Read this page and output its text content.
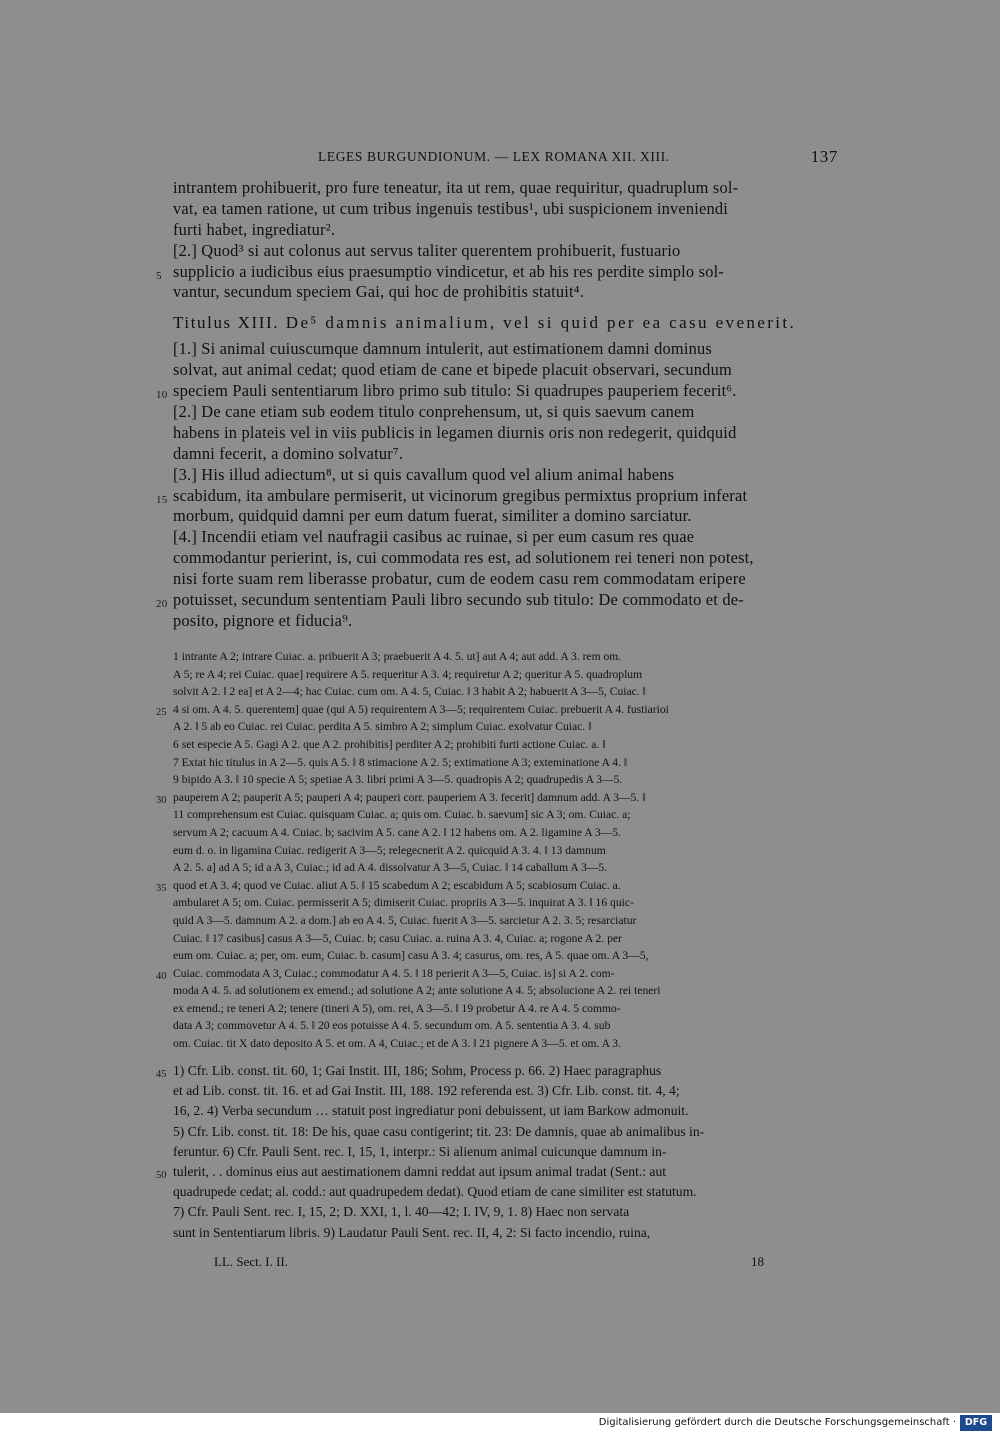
LEGES BURGUNDIONUM. — LEX ROMANA XII. XIII.	137
intrantem prohibuerit, pro fure teneatur, ita ut rem, quae requiritur, quadruplum sol-
vat, ea tamen ratione, ut cum tribus ingenuis testibus¹, ubi suspicionem inveniendi
furti habet, ingrediatur².
[2.] Quod³ si aut colonus aut servus taliter querentem prohibuerit, fustuario
5 supplicio a iudicibus eius praesumptio vindicetur, et ab his res perdite simplo sol-
vantur, secundum speciem Gai, qui hoc de prohibitis statuit⁴.
Titulus XIII. De⁵ damnis animalium, vel si quid per ea casu evenerit.
[1.] Si animal cuiuscumque damnum intulerit, aut estimationem damni dominus
solvat, aut animal cedat; quod etiam de cane et bipede placuit observari, secundum
10 speciem Pauli sententiarum libro primo sub titulo: Si quadrupes pauperiem fecerit⁶.
[2.] De cane etiam sub eodem titulo conprehensum, ut, si quis saevum canem
habens in plateis vel in viis publicis in legamen diurnis oris non redegerit, quidquid
damni fecerit, a domino solvatur⁷.
[3.] His illud adiectum⁸, ut si quis cavallum quod vel alium animal habens
15 scabidum, ita ambulare permiserit, ut vicinorum gregibus permixtus proprium inferat
morbum, quidquid damni per eum datum fuerat, similiter a domino sarciatur.
[4.] Incendii etiam vel naufragii casibus ac ruinae, si per eum casum res quae
commodantur perierint, is, cui commodata res est, ad solutionem rei teneri non potest,
nisi forte suam rem liberasse probatur, cum de eodem casu rem commodatam eripere
20 potuisset, secundum sententiam Pauli libro secundo sub titulo: De commodato et de-
posito, pignore et fiducia⁹.
1 intrante A 2; intrare Cuiac. a. pribuerit A 3; praebuerit A 4. 5. ut] aut A 4; aut add. A 3. rem om.
A 5; re A 4; rei Cuiac. quae] requirere A 5. requeritur A 3. 4; requiretur A 2; queritur A 5. quadroplum
solvit A 2. ‖ 2 ea] et A 2—4; hac Cuiac. cum om. A 4. 5, Cuiac. ‖ 3 habit A 2; habuerit A 3—5, Cuiac. ‖
25 4 si om. A 4. 5. querentem] quae (qui A 5) requirentem A 3—5; requirentem Cuiac. prebuerit A 4. fustiarioi
A 2. ‖ 5 ab eo Cuiac. rei Cuiac. perdita A 5. simbro A 2; simplum Cuiac. exolvatur Cuiac. ‖
6 set especie A 5. Gagi A 2. que A 2. prohibitis] perditer A 2; prohibiti furti actione Cuiac. a. ‖
7 Extat hic titulus in A 2—5. quis A 5. ‖ 8 stimacione A 2. 5; extimatione A 3; exteminatione A 4. ‖
9 bipido A 3. ‖ 10 specie A 5; spetiae A 3. libri primi A 3—5. quadropis A 2; quadrupedis A 3—5.
30 pauperem A 2; pauperit A 5; pauperi A 4; pauperi corr. pauperiem A 3. fecerit] damnum add. A 3—5. ‖
11 comprehensum est Cuiac. quisquam Cuiac. a; quis om. Cuiac. b. saevum] sic A 3; om. Cuiac. a;
servum A 2; cacuum A 4. Cuiac. b; sacivim A 5. cane A 2. ‖ 12 habens om. A 2. ligamine A 3—5.
eum d. o. in ligamina Cuiac. redigerit A 3—5; relegecnerit A 2. quicquid A 3. 4. ‖ 13 damnum
A 2. 5. a] ad A 5; id a A 3, Cuiac.; id ad A 4. dissolvatur A 3—5, Cuiac. ‖ 14 caballum A 3—5.
35 quod et A 3. 4; quod ve Cuiac. aliut A 5. ‖ 15 scabedum A 2; escabidum A 5; scabiosum Cuiac. a.
ambularet A 5; om. Cuiac. permisserit A 5; dimiserit Cuiac. propriis A 3—5. inquirat A 3. ‖ 16 quic-
quid A 3—5. damnum A 2. a dom.] ab eo A 4. 5, Cuiac. fuerit A 3—5. sarcietur A 2. 3. 5; resarciatur
Cuiac. ‖ 17 casibus] casus A 3—5, Cuiac. b; casu Cuiac. a. ruina A 3. 4, Cuiac. a; rogone A 2. per
eum om. Cuiac. a; per, om. eum, Cuiac. b. casum] casu A 3. 4; casurus, om. res, A 5. quae om. A 3—5,
40 Cuiac. commodata A 3, Cuiac.; commodatur A 4. 5. ‖ 18 perierit A 3—5, Cuiac. is] si A 2. com-
moda A 4. 5. ad solutionem ex emend.; ad solutione A 2; ante solutione A 4. 5; absolucione A 2. rei teneri
ex emend.; re teneri A 2; tenere (tineri A 5), om. rei, A 3—5. ‖ 19 probetur A 4. re A 4. 5 commo-
data A 3; commovetur A 4. 5. ‖ 20 eos potuisse A 4. 5. secundum om. A 5. sententia A 3. 4. sub
om. Cuiac. tit X dato deposito A 5. et om. A 4, Cuiac.; et de A 3. ‖ 21 pignere A 3—5. et om. A 3.
45 1) Cfr. Lib. const. tit. 60, 1; Gai Instit. III, 186; Sohm, Process p. 66. 2) Haec paragraphus
et ad Lib. const. tit. 16. et ad Gai Instit. III, 188. 192 referenda est. 3) Cfr. Lib. const. tit. 4, 4;
16, 2. 4) Verba secundum … statuit post ingrediatur poni debuissent, ut iam Barkow admonuit.
5) Cfr. Lib. const. tit. 18: De his, quae casu contigerint; tit. 23: De damnis, quae ab animalibus in-
feruntur. 6) Cfr. Pauli Sent. rec. I, 15, 1, interpr.: Si alienum animal cuicunque damnum in-
50 tulerit, . . dominus eius aut aestimationem damni reddat aut ipsum animal tradat (Sent.: aut
quadrupede cedat; al. codd.: aut quadrupedem dedat). Quod etiam de cane similiter est statutum.
7) Cfr. Pauli Sent. rec. I, 15, 2; D. XXI, 1, l. 40—42; I. IV, 9, 1. 8) Haec non servata
sunt in Sententiarum libris. 9) Laudatur Pauli Sent. rec. II, 4, 2: Si facto incendio, ruina,
LL. Sect. I. II.	18
Digitalisierung gefördert durch die Deutsche Forschungsgemeinschaft · DFG
